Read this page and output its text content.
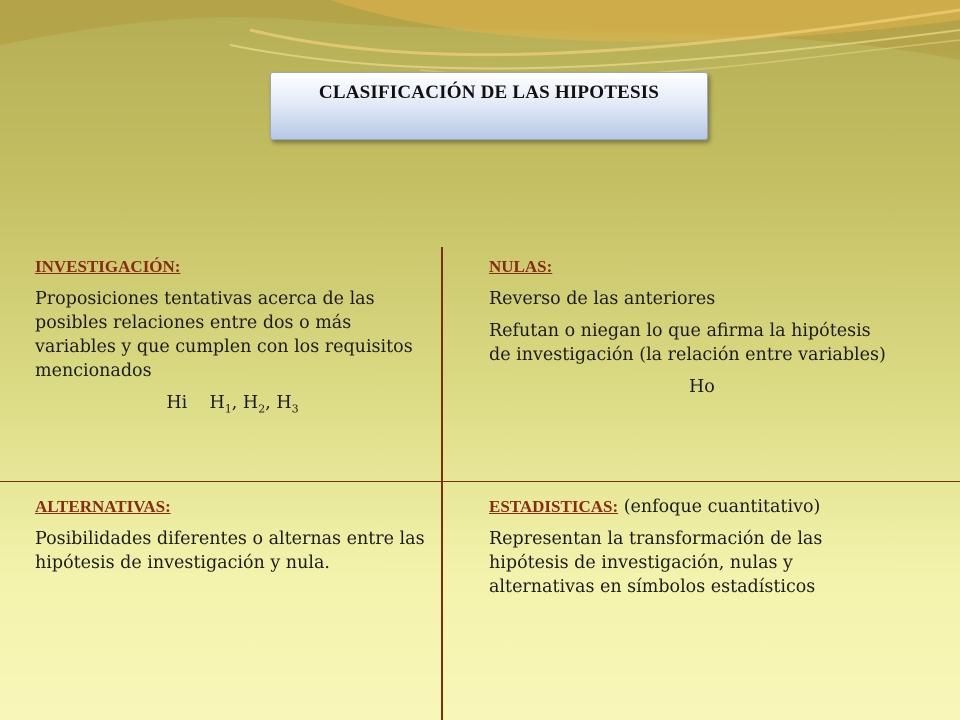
CLASIFICACIÓN DE LAS HIPOTESIS

INVESTIGACIÓN:

Proposiciones tentativas acerca de las posibles relaciones entre dos o más variables y que cumplen con los requisitos mencionados

Hi $H_1$, $H_2$, $H_3$

NULAS:

Reverso de las anteriores

Refutan o niegan lo que afirma la hipótesis de investigación (la relación entre variables)

Ho

ALTERNATIVAS:

Posibilidades diferentes o alternas entre las hipótesis de investigación y nula.

ESTADISTICAS: (enfoque cuantitativo)

Representan la transformación de las hipótesis de investigación, nulas y alternativas en símbolos estadísticos
